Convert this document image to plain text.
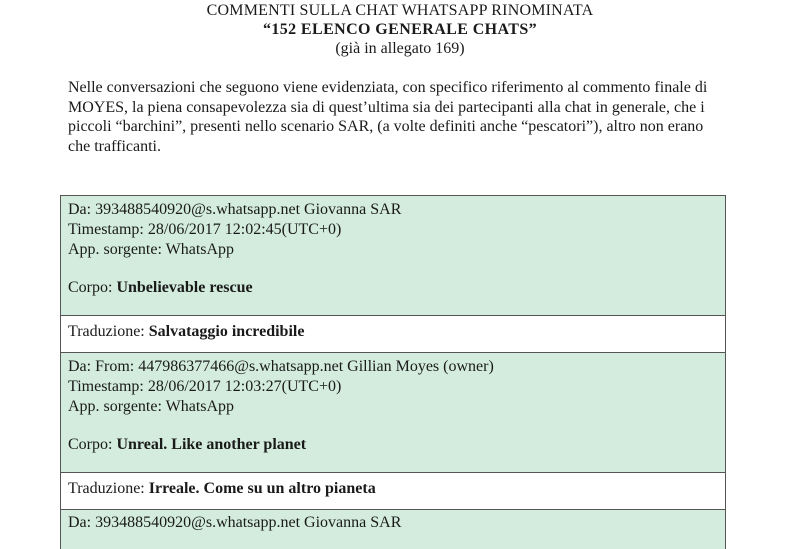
COMMENTI SULLA CHAT WHATSAPP RINOMINATA
“152 ELENCO GENERALE CHATS”
(già in allegato 169)
Nelle conversazioni che seguono viene evidenziata, con specifico riferimento al commento finale di
MOYES, la piena consapevolezza sia di quest’ultima sia dei partecipanti alla chat in generale, che i
piccoli “barchini”, presenti nello scenario SAR, (a volte definiti anche “pescatori”), altro non erano
che trafficanti.
Da: 393488540920@s.whatsapp.net Giovanna SAR
Timestamp: 28/06/2017 12:02:45(UTC+0)
App. sorgente: WhatsApp
Corpo: Unbelievable rescue
Traduzione: Salvataggio incredibile
Da: From: 447986377466@s.whatsapp.net Gillian Moyes (owner)
Timestamp: 28/06/2017 12:03:27(UTC+0)
App. sorgente: WhatsApp
Corpo: Unreal. Like another planet
Traduzione: Irreale. Come su un altro pianeta
Da: 393488540920@s.whatsapp.net Giovanna SAR
